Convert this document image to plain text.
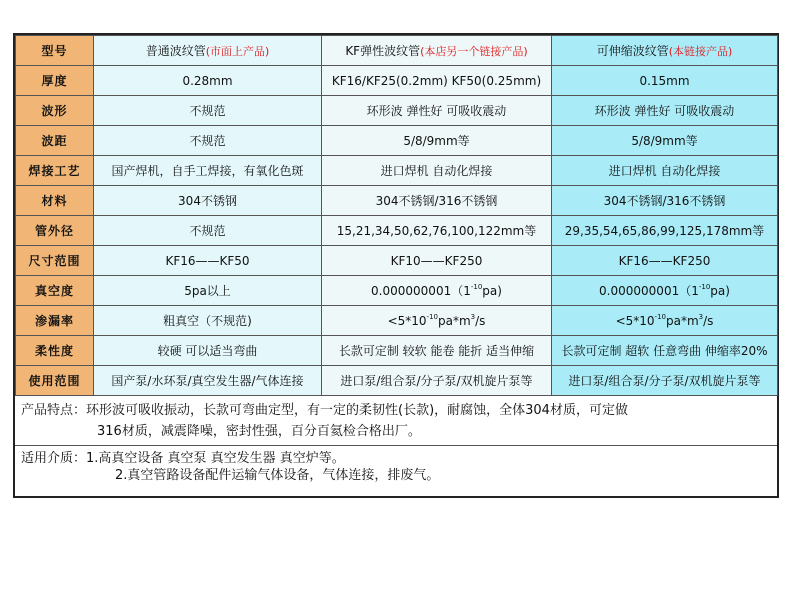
型号	普通波纹管(市面上产品)	KF弹性波纹管(本店另一个链接产品)	可伸缩波纹管(本链接产品)
厚度	0.28mm	KF16/KF25(0.2mm) KF50(0.25mm)	0.15mm
波形	不规范	环形波 弹性好 可吸收震动	环形波 弹性好 可吸收震动
波距	不规范	5/8/9mm等	5/8/9mm等
焊接工艺	国产焊机，自手工焊接，有氧化色斑	进口焊机 自动化焊接	进口焊机 自动化焊接
材料	304不锈钢	304不锈钢/316不锈钢	304不锈钢/316不锈钢
管外径	不规范	15,21,34,50,62,76,100,122mm等	29,35,54,65,86,99,125,178mm等
尺寸范围	KF16——KF50	KF10——KF250	KF16——KF250
真空度	5pa以上	$0.000000001(1^{-10}pa)$	$0.000000001(1^{-10}pa)$
渗漏率	粗真空（不规范)	$<5*10^{-10}pa*m^3/s$	$<5*10^{-10}pa*m^3/s$
柔性度	较硬 可以适当弯曲	长款可定制 较软 能卷 能折 适当伸缩	长款可定制 超软 任意弯曲 伸缩率20%
使用范围	国产泵/水环泵/真空发生器/气体连接	进口泵/组合泵/分子泵/双机旋片泵等	进口泵/组合泵/分子泵/双机旋片泵等
产品特点：环形波可吸收振动，长款可弯曲定型，有一定的柔韧性(长款)，耐腐蚀，全体304材质，可定做
316材质，减震降噪，密封性强，百分百氦检合格出厂。
适用介质：1.高真空设备 真空泵 真空发生器 真空炉等。
2.真空管路设备配件运输气体设备，气体连接，排废气。
